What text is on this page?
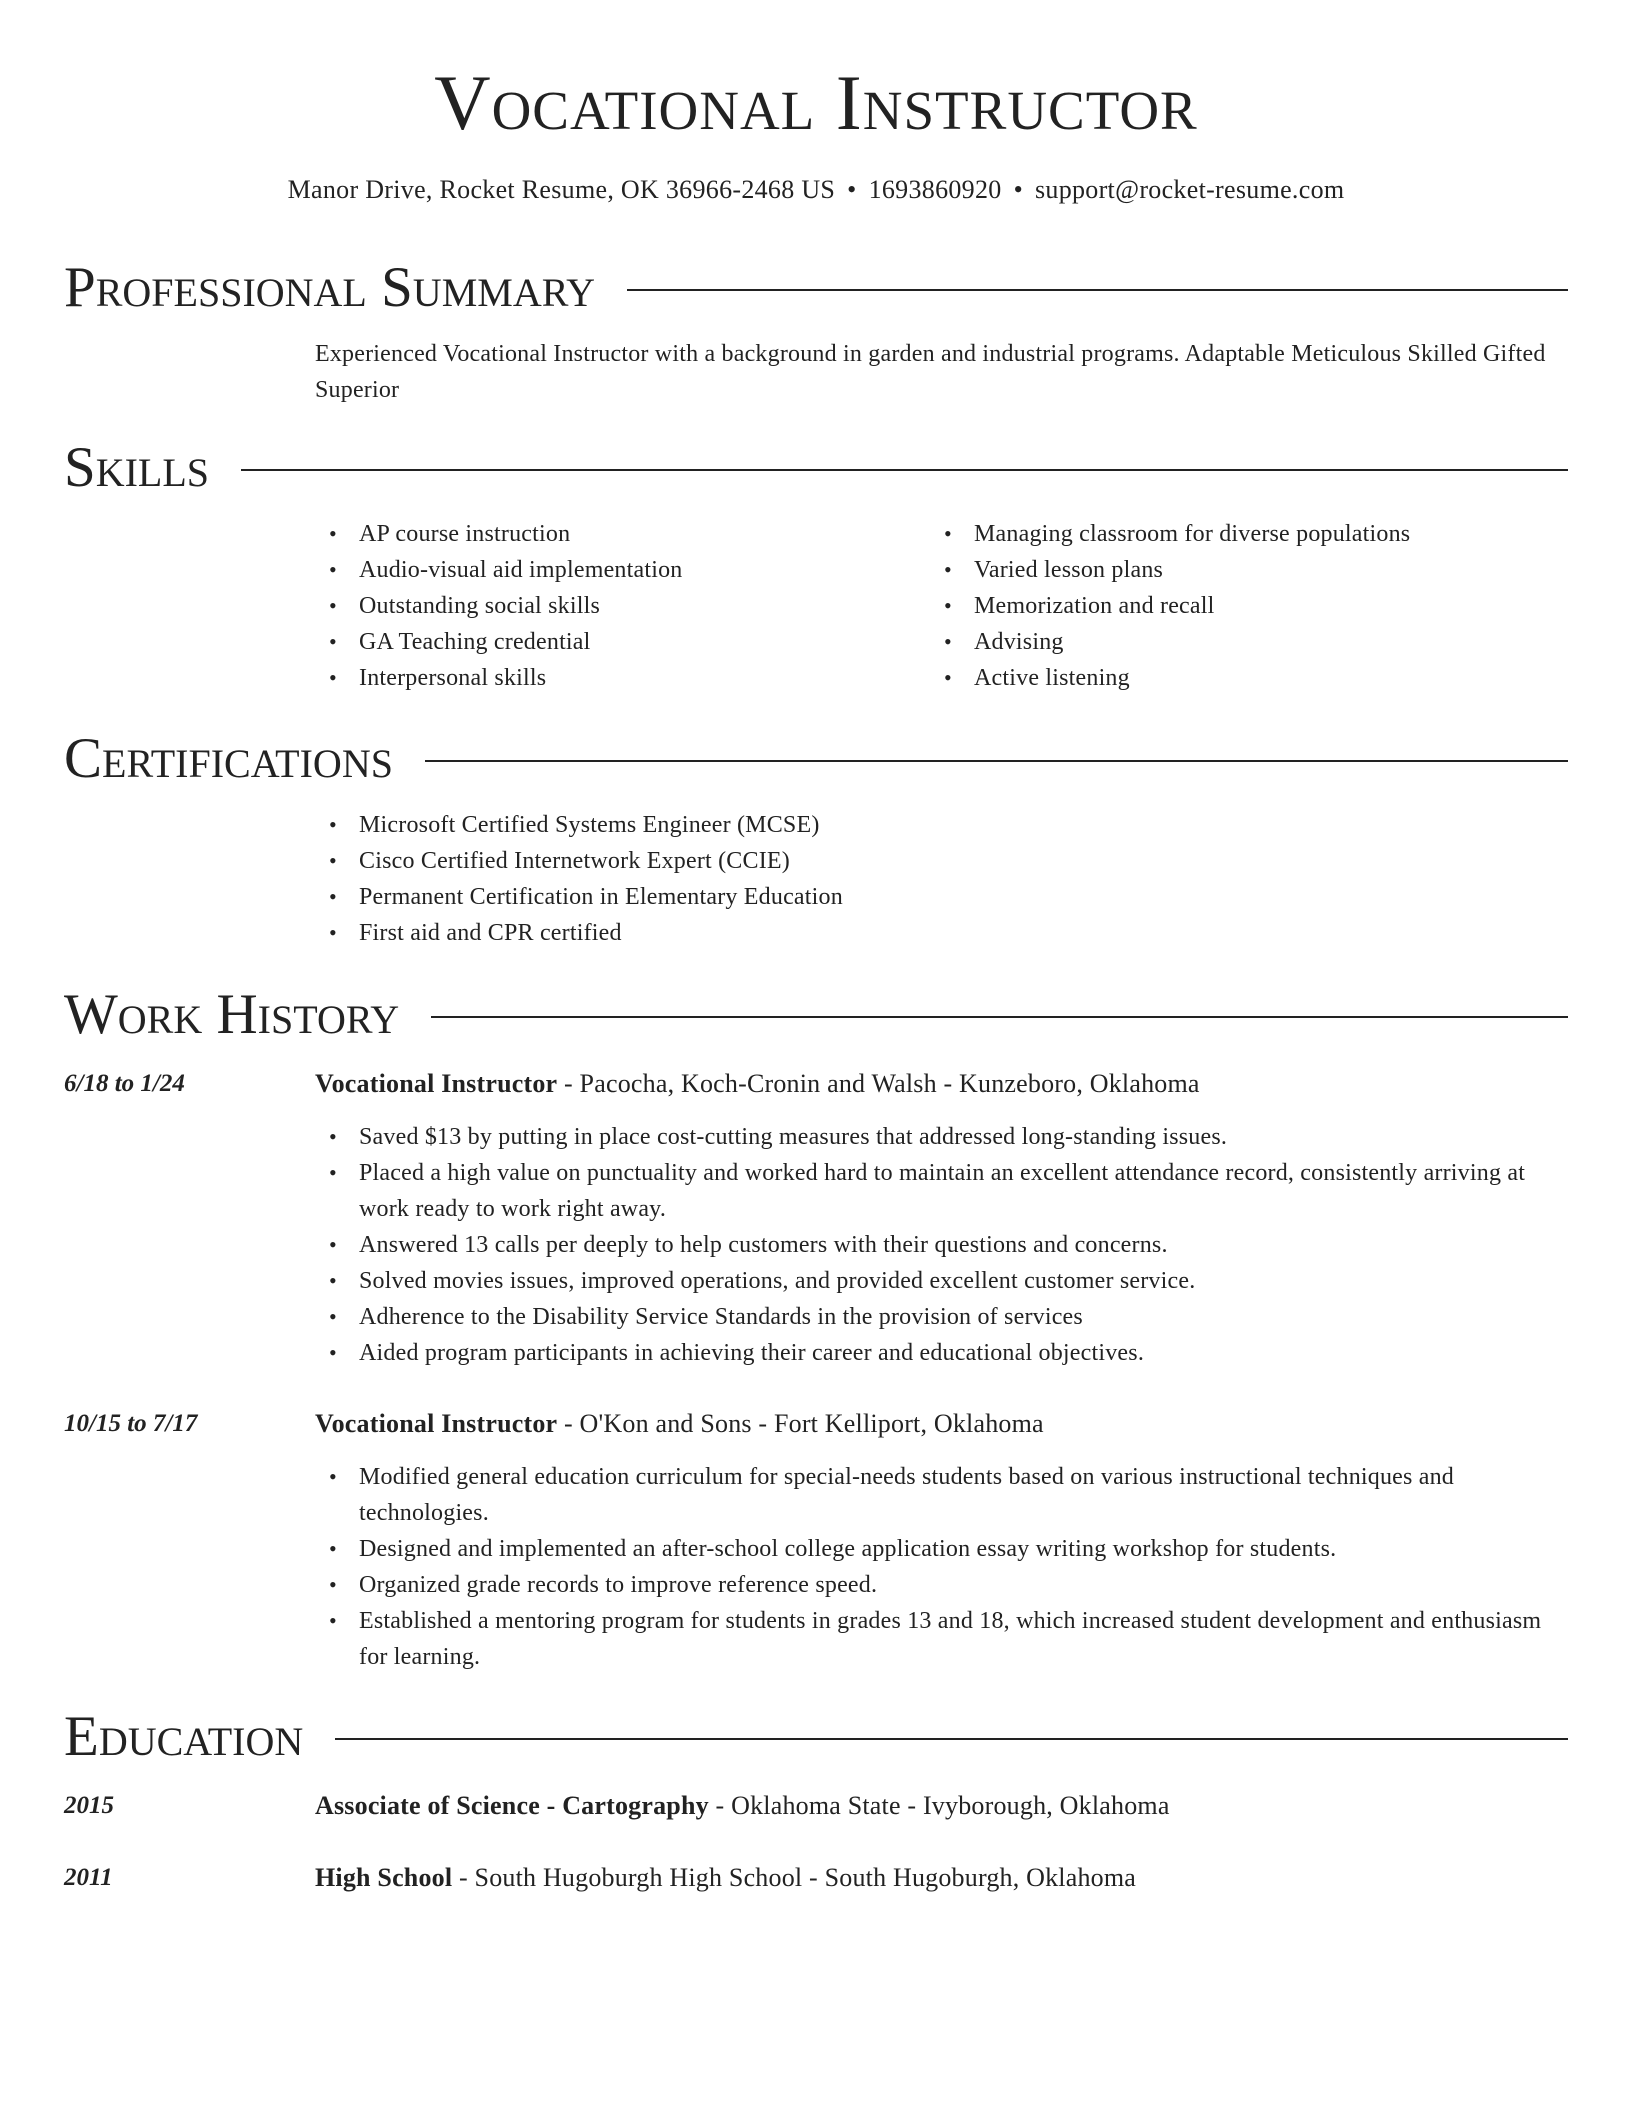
Vocational Instructor
Manor Drive, Rocket Resume, OK 36966-2468 US • 1693860920 • support@rocket-resume.com
Professional Summary
Experienced Vocational Instructor with a background in garden and industrial programs. Adaptable Meticulous Skilled Gifted Superior
Skills
• AP course instruction
• Audio-visual aid implementation
• Outstanding social skills
• GA Teaching credential
• Interpersonal skills
• Managing classroom for diverse populations
• Varied lesson plans
• Memorization and recall
• Advising
• Active listening
Certifications
• Microsoft Certified Systems Engineer (MCSE)
• Cisco Certified Internetwork Expert (CCIE)
• Permanent Certification in Elementary Education
• First aid and CPR certified
Work History
6/18 to 1/24	Vocational Instructor - Pacocha, Koch-Cronin and Walsh - Kunzeboro, Oklahoma
• Saved $13 by putting in place cost-cutting measures that addressed long-standing issues.
• Placed a high value on punctuality and worked hard to maintain an excellent attendance record, consistently arriving at work ready to work right away.
• Answered 13 calls per deeply to help customers with their questions and concerns.
• Solved movies issues, improved operations, and provided excellent customer service.
• Adherence to the Disability Service Standards in the provision of services
• Aided program participants in achieving their career and educational objectives.
10/15 to 7/17	Vocational Instructor - O'Kon and Sons - Fort Kelliport, Oklahoma
• Modified general education curriculum for special-needs students based on various instructional techniques and technologies.
• Designed and implemented an after-school college application essay writing workshop for students.
• Organized grade records to improve reference speed.
• Established a mentoring program for students in grades 13 and 18, which increased student development and enthusiasm for learning.
Education
2015	Associate of Science - Cartography - Oklahoma State - Ivyborough, Oklahoma
2011	High School - South Hugoburgh High School - South Hugoburgh, Oklahoma
